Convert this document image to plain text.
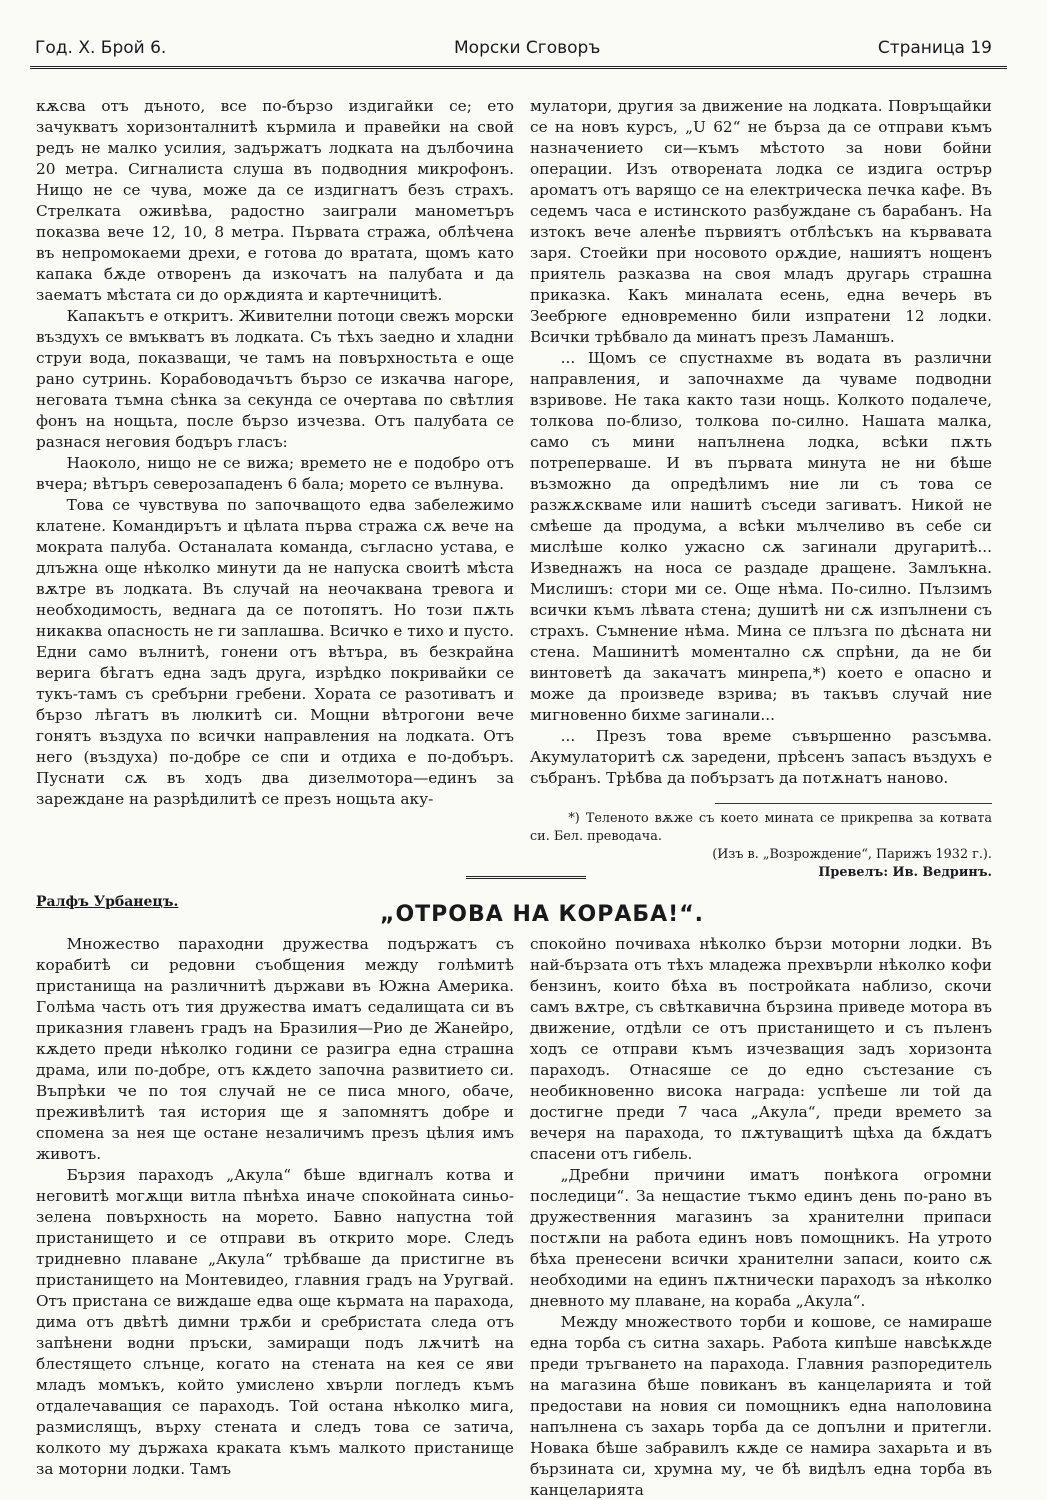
Год. X. Брой 6.	Морски Сговоръ	Страница 19

кѫсва отъ дъното, все по-бързо издигайки се; ето зачукватъ хоризонталнитѣ кърмила и правейки на свой редъ не малко усилия, задържатъ лодката на дълбочина 20 метра. Сигналиста слуша въ подводния микрофонъ. Нищо не се чува, може да се издигнатъ безъ страхъ. Стрелката оживѣва, радостно заиграли манометъръ показва вече 12, 10, 8 метра. Първата стража, облѣчена въ непромокаеми дрехи, е готова до вратата, щомъ като капака бѫде отворенъ да изкочатъ на палубата и да заематъ мѣстата си до орѫдията и картечницитѣ.

Капакътъ е откритъ. Живителни потоци свежъ морски въздухъ се вмъкватъ въ лодката. Съ тѣхъ заедно и хладни струи вода, показващи, че тамъ на повърхностьта е още рано сутринь. Корабоводачътъ бързо се изкачва нагоре, неговата тъмна сѣнка за секунда се очертава по свѣтлия фонъ на нощьта, после бързо изчезва. Отъ палубата се разнася неговия бодъръ гласъ:

Наоколо, нищо не се вижа; времето не е подобро отъ вчера; вѣтъръ северозападенъ 6 бала; морето се вълнува.

Това се чувствува по започващото едва забележимо клатене. Командирътъ и цѣлата първа стража сѫ вече на мократа палуба. Останалата команда, съгласно устава, е длъжна още нѣколко минути да не напуска своитѣ мѣста вѫтре въ лодката. Въ случай на неочаквана тревога и необходимость, веднага да се потопятъ. Но този пѫть никаква опасность не ги заплашва. Всичко е тихо и пусто. Едни само вълнитѣ, гонени отъ вѣтъра, въ безкрайна верига бѣгатъ една задъ друга, изрѣдко покривайки се тукъ-тамъ съ сребърни гребени. Хората се разотиватъ и бързо лѣгатъ въ люлкитѣ си. Мощни вѣтрогони вече гонятъ въздуха по всички направления на лодката. Отъ него (въздуха) по-добре се спи и отдиха е по-добъръ. Пуснати сѫ въ ходъ два дизелмотора—единъ за зареждане на разрѣдилитѣ се презъ нощьта аку-

мулатори, другия за движение на лодката. Повръщайки се на новъ курсъ, „U 62“ не бърза да се отправи къмъ назначението си—къмъ мѣстото за нови бойни операции. Изъ отворената лодка се издига острър ароматъ отъ варящо се на електрическа печка кафе. Въ седемъ часа е истинското разбуждане съ барабанъ. На изтокъ вече аленѣе първиятъ отблѣсъкъ на кървавата заря. Стоейки при носовото орѫдие, нашиятъ нощенъ приятель разказва на своя младъ другарь страшна приказка. Какъ миналата есень, една вечерь въ Зеебрюге едновременно били изпратени 12 лодки. Всички трѣбвало да минатъ презъ Ламаншъ.

... Щомъ се спустнахме въ водата въ различни направления, и започнахме да чуваме подводни взривове. Не така както тази нощь. Колкото подалече, толкова по-близо, толкова по-силно. Нашата малка, само съ мини напълнена лодка, всѣки пѫть потреперваше. И въ първата минута не ни бѣше възможно да опредѣлимъ ние ли съ това се разжѫскваме или нашитѣ съседи загиватъ. Никой не смѣеше да продума, а всѣки мълчеливо въ себе си мислѣше колко ужасно сѫ загинали другаритѣ... Изведнажъ на носа се раздаде дращене. Замлъкна. Мислишъ: стори ми се. Още нѣма. По-силно. Пълзимъ всички къмъ лѣвата стена; душитѣ ни сѫ изпълнени съ страхъ. Съмнение нѣма. Мина се плъзга по дѣсната ни стена. Машинитѣ моментално сѫ спрѣни, да не би винтоветѣ да закачатъ минрепа,*) което е опасно и може да произведе взрива; въ такъвъ случай ние мигновенно бихме загинали...

... Презъ това време съвършенно разсъмва. Акумулаторитѣ сѫ заредени, прѣсенъ запасъ въздухъ е събранъ. Трѣбва да побързатъ да потѫнатъ наново.

*) Теленото вѫже съ което мината се прикрепва за котвата си. Бел. преводача.

(Изъ в. „Возрождение“, Парижъ 1932 г.).

Превелъ: Ив. Ведринъ.

Ралфъ Урбанецъ.	„ОТРОВА НА КОРАБА!“.

Множество параходни дружества подържатъ съ корабитѣ си редовни съобщения между голѣмитѣ пристанища на различнитѣ държави въ Южна Америка. Голѣма часть отъ тия дружества иматъ седалищата си въ приказния главенъ градъ на Бразилия—Рио де Жанейро, кѫдето преди нѣколко години се разигра една страшна драма, или по-добре, отъ кѫдето започна развитието си. Въпрѣки че по тоя случай не се писа много, обаче, преживѣлитѣ тая история ще я запомнятъ добре и спомена за нея ще остане незаличимъ презъ цѣлия имъ животъ.

Бързия параходъ „Акула“ бѣше вдигналъ котва и неговитѣ могѫщи витла пѣнѣха иначе спокойната синьо-зелена повърхность на морето. Бавно напустна той пристанището и се отправи въ открито море. Следъ тридневно плаване „Акула“ трѣбваше да пристигне въ пристанището на Монтевидео, главния градъ на Уругвай. Отъ пристана се виждаше едва още кърмата на парахода, дима отъ двѣтѣ димни трѫби и сребристата следа отъ запѣнени водни пръски, замиращи подъ лѫчитѣ на блестящето слънце, когато на стената на кея се яви младъ момъкъ, който умислено хвърли погледъ къмъ отдалечаващия се параходъ. Той остана нѣколко мига, размислящъ, върху стената и следъ това се затича, колкото му държаха краката къмъ малкото пристанище за моторни лодки. Тамъ

спокойно почиваха нѣколко бързи моторни лодки. Въ най-бързата отъ тѣхъ младежа прехвърли нѣколко кофи бензинъ, които бѣха въ постройката наблизо, скочи самъ вѫтре, съ свѣткавична бързина приведе мотора въ движение, отдѣли се отъ пристанището и съ пъленъ ходъ се отправи къмъ изчезващия задъ хоризонта параходъ. Отнасяше се до едно състезание съ необикновенно висока награда: успѣеше ли той да достигне преди 7 часа „Акула“, преди времето за вечеря на парахода, то пѫтуващитѣ щѣха да бѫдатъ спасени отъ гибель.

„Дребни причини иматъ понѣкога огромни последици“. За нещастие тъкмо единъ день по-рано въ дружественния магазинъ за хранителни припаси постѫпи на работа единъ новъ помощникъ. На утрото бѣха пренесени всички хранителни запаси, които сѫ необходими на единъ пѫтнически параходъ за нѣколко дневното му плаване, на кораба „Акула“.

Между множеството торби и кошове, се намираше една торба съ ситна захарь. Работа кипѣше навсѣкѫде преди тръгването на парахода. Главния разпоредитель на магазина бѣше повиканъ въ канцеларията и той предостави на новия си помощникъ една наполовина напълнена съ захарь торба да се допълни и притегли. Новака бѣше забравилъ кѫде се намира захарьта и въ бързината си, хрумна му, че бѣ видѣлъ една торба въ канцеларията
